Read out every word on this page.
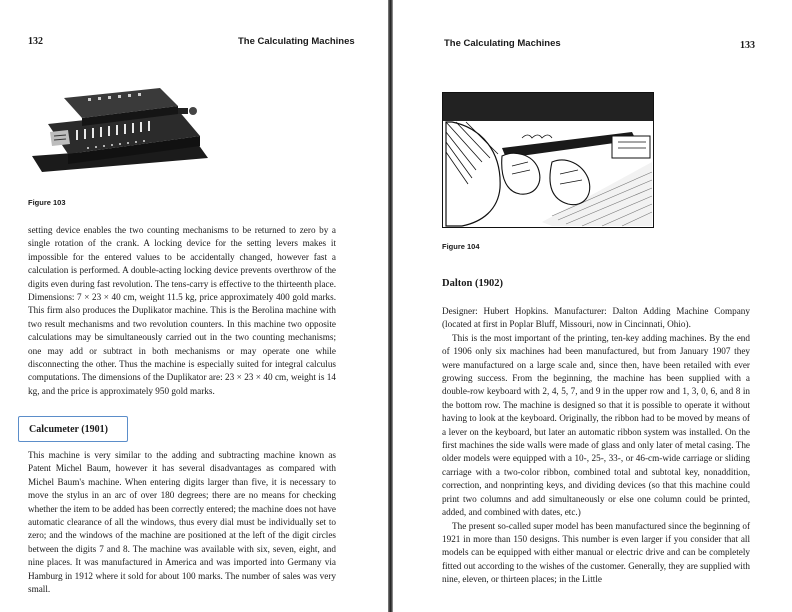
132	The Calculating Machines
Figure 103

setting device enables the two counting mechanisms to be returned to zero by a single rotation of the crank. A locking device for the setting levers makes it impossible for the entered values to be accidentally changed, however fast a calculation is performed. A double-acting locking device prevents overthrow of the digits even during fast revolution. The tens-carry is effective to the thirteenth place. Dimensions: 7 × 23 × 40 cm, weight 11.5 kg, price approximately 400 gold marks. This firm also produces the Duplikator machine. This is the Berolina machine with two result mechanisms and two revolution counters. In this machine two opposite calculations may be simultaneously carried out in the two counting mechanisms; one may add or subtract in both mechanisms or may operate one while disconnecting the other. Thus the machine is especially suited for integral calculus computations. The dimensions of the Duplikator are: 23 × 23 × 40 cm, weight is 14 kg, and the price is approximately 950 gold marks.

Calcumeter (1901)

This machine is very similar to the adding and subtracting machine known as Patent Michel Baum, however it has several disadvantages as compared with Michel Baum's machine. When entering digits larger than five, it is necessary to move the stylus in an arc of over 180 degrees; there are no means for checking whether the item to be added has been correctly entered; the machine does not have automatic clearance of all the windows, thus every dial must be individually set to zero; and the windows of the machine are positioned at the left of the digit circles between the digits 7 and 8. The machine was available with six, seven, eight, and nine places. It was manufactured in America and was imported into Germany via Hamburg in 1912 where it sold for about 100 marks. The number of sales was very small.

The Calculating Machines	133
Figure 104
Dalton (1902)

Designer: Hubert Hopkins. Manufacturer: Dalton Adding Machine Company (located at first in Poplar Bluff, Missouri, now in Cincinnati, Ohio).

This is the most important of the printing, ten-key adding machines. By the end of 1906 only six machines had been manufactured, but from January 1907 they were manufactured on a large scale and, since then, have been retailed with ever growing success. From the beginning, the machine has been supplied with a double-row keyboard with 2, 4, 5, 7, and 9 in the upper row and 1, 3, 0, 6, and 8 in the bottom row. The machine is designed so that it is possible to operate it without having to look at the keyboard. Originally, the ribbon had to be moved by means of a lever on the keyboard, but later an automatic ribbon system was installed. On the first machines the side walls were made of glass and only later of metal casing. The older models were equipped with a 10-, 25-, 33-, or 46-cm-wide carriage or sliding carriage with a two-color ribbon, combined total and subtotal key, nonaddition, correction, and nonprinting keys, and dividing devices (so that this machine could print two columns and add simultaneously or else one column could be printed, added, and combined with dates, etc.)

The present so-called super model has been manufactured since the beginning of 1921 in more than 150 designs. This number is even larger if you consider that all models can be equipped with either manual or electric drive and can be completely fitted out according to the wishes of the customer. Generally, they are supplied with nine, eleven, or thirteen places; in the Little
